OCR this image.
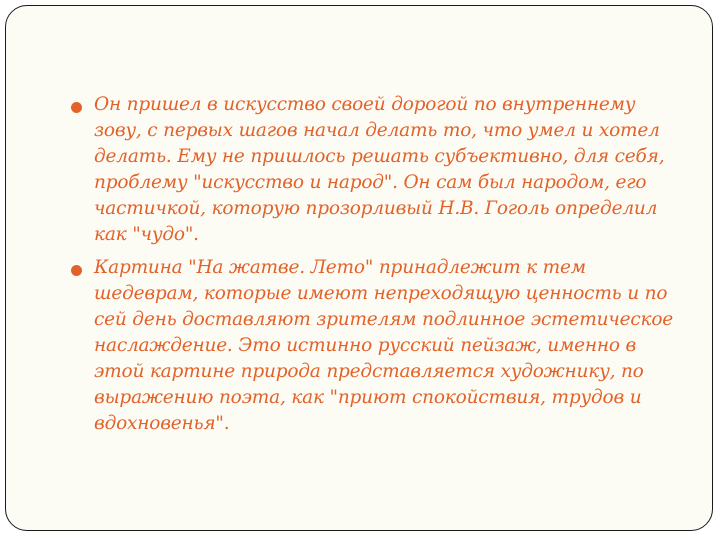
Он пришел в искусство своей дорогой по внутреннему зову, с первых шагов начал делать то, что умел и хотел делать. Ему не пришлось решать субъективно, для себя, проблему "искусство и народ". Он сам был народом, его частичкой, которую прозорливый Н.В. Гоголь определил как "чудо".
Картина "На жатве. Лето" принадлежит к тем шедеврам, которые имеют непреходящую ценность и по сей день доставляют зрителям подлинное эстетическое наслаждение. Это истинно русский пейзаж, именно в этой картине природа представляется художнику, по выражению поэта, как "приют спокойствия, трудов и вдохновенья".
